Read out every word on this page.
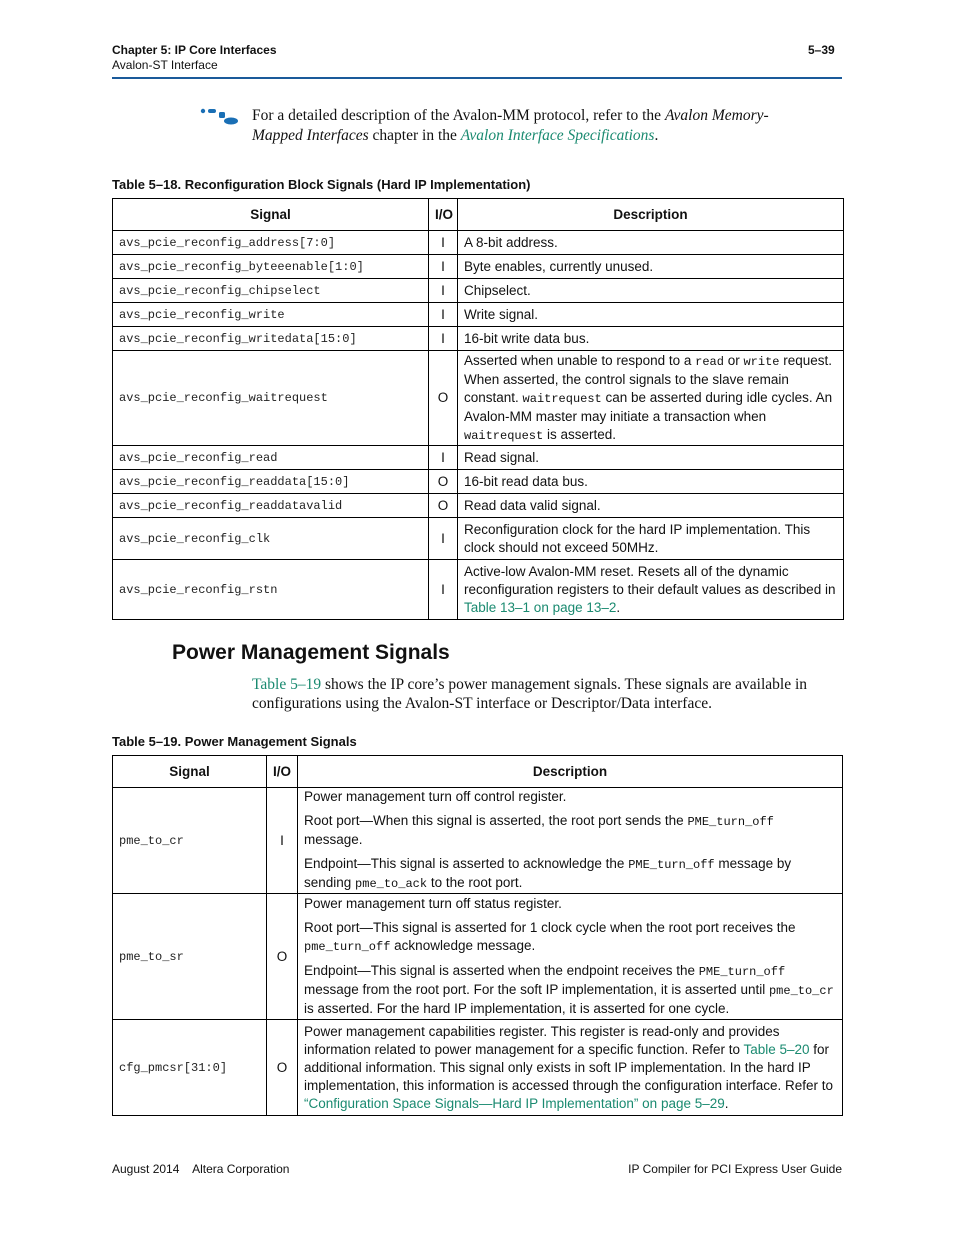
Chapter 5: IP Core Interfaces
Avalon-ST Interface
5–39
For a detailed description of the Avalon-MM protocol, refer to the Avalon Memory-Mapped Interfaces chapter in the Avalon Interface Specifications.
Table 5–18. Reconfiguration Block Signals (Hard IP Implementation)
Signal	I/O	Description
avs_pcie_reconfig_address[7:0]	I	A 8-bit address.
avs_pcie_reconfig_byteeenable[1:0]	I	Byte enables, currently unused.
avs_pcie_reconfig_chipselect	I	Chipselect.
avs_pcie_reconfig_write	I	Write signal.
avs_pcie_reconfig_writedata[15:0]	I	16-bit write data bus.
avs_pcie_reconfig_waitrequest	O	Asserted when unable to respond to a read or write request. When asserted, the control signals to the slave remain constant. waitrequest can be asserted during idle cycles. An Avalon-MM master may initiate a transaction when waitrequest is asserted.
avs_pcie_reconfig_read	I	Read signal.
avs_pcie_reconfig_readdata[15:0]	O	16-bit read data bus.
avs_pcie_reconfig_readdatavalid	O	Read data valid signal.
avs_pcie_reconfig_clk	I	Reconfiguration clock for the hard IP implementation. This clock should not exceed 50MHz.
avs_pcie_reconfig_rstn	I	Active-low Avalon-MM reset. Resets all of the dynamic reconfiguration registers to their default values as described in Table 13–1 on page 13–2.
Power Management Signals
Table 5–19 shows the IP core’s power management signals. These signals are available in configurations using the Avalon-ST interface or Descriptor/Data interface.
Table 5–19. Power Management Signals
Signal	I/O	Description
pme_to_cr	I	Power management turn off control register.

Root port—When this signal is asserted, the root port sends the PME_turn_off message.

Endpoint—This signal is asserted to acknowledge the PME_turn_off message by sending pme_to_ack to the root port.

pme_to_sr	O	Power management turn off status register.

Root port—This signal is asserted for 1 clock cycle when the root port receives the pme_turn_off acknowledge message.

Endpoint—This signal is asserted when the endpoint receives the PME_turn_off message from the root port. For the soft IP implementation, it is asserted until pme_to_cr is asserted. For the hard IP implementation, it is asserted for one cycle.

cfg_pmcsr[31:0]	O	Power management capabilities register. This register is read-only and provides information related to power management for a specific function. Refer to Table 5–20 for additional information. This signal only exists in soft IP implementation. In the hard IP implementation, this information is accessed through the configuration interface. Refer to “Configuration Space Signals—Hard IP Implementation” on page 5–29.
August 2014    Altera Corporation	IP Compiler for PCI Express User Guide
